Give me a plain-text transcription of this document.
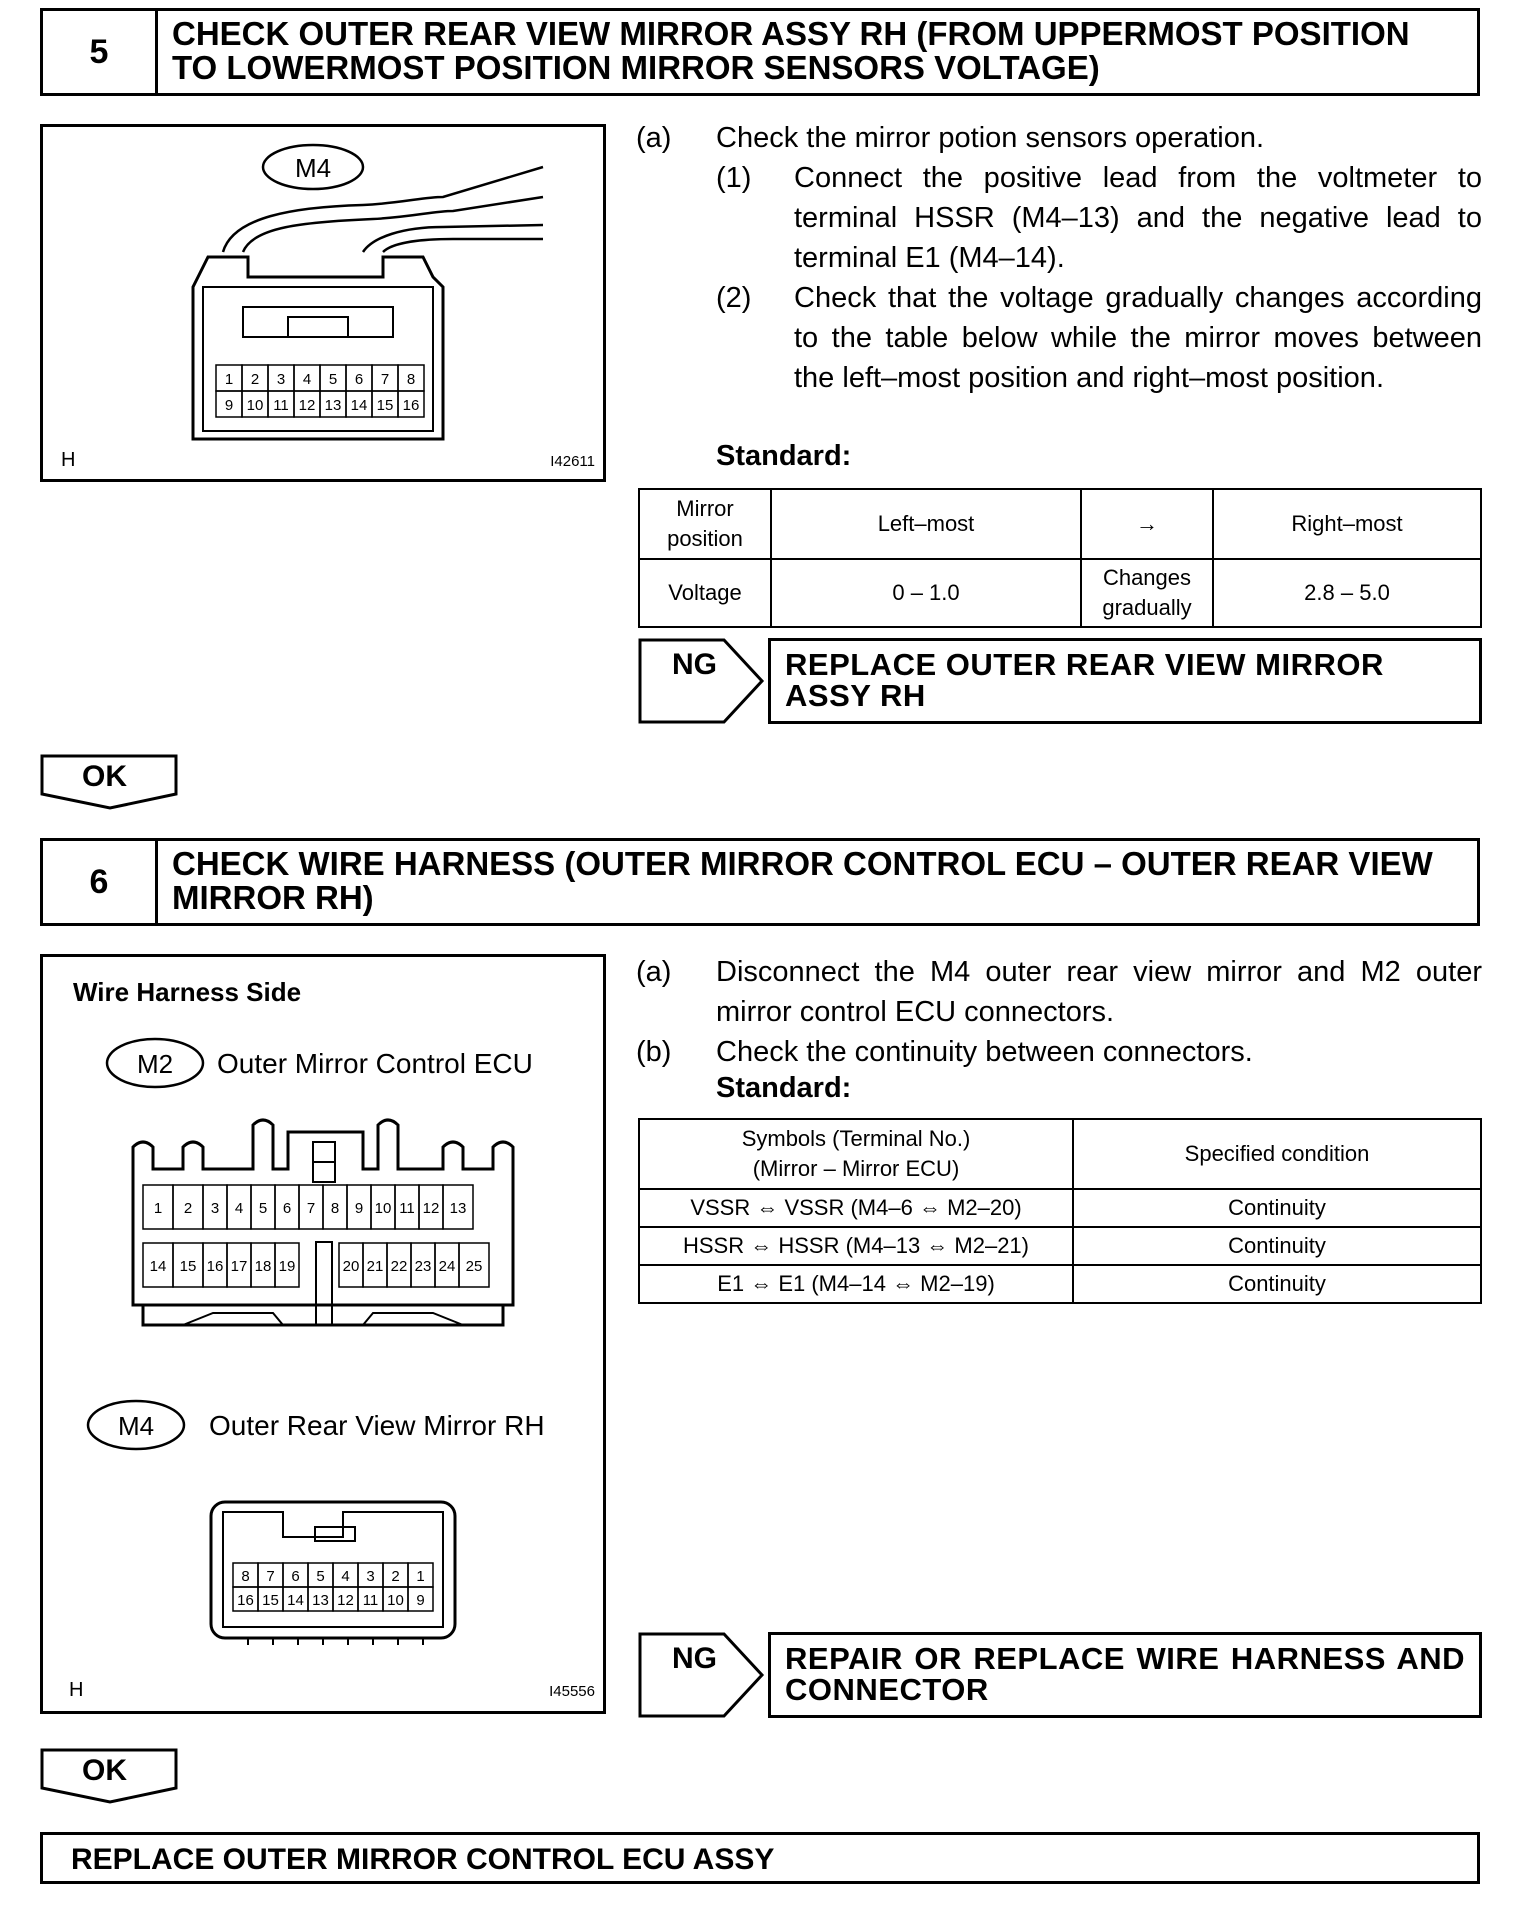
5	CHECK OUTER REAR VIEW MIRROR ASSY RH (FROM UPPERMOST POSITION TO LOWERMOST POSITION MIRROR SENSORS VOLTAGE)
M4
1 2 3 4 5 6 7 8
9 10 11 12 13 14 15 16
H	I42611
(a) Check the mirror potion sensors operation.
(1) Connect the positive lead from the voltmeter to terminal HSSR (M4–13) and the negative lead to terminal E1 (M4–14).
(2) Check that the voltage gradually changes according to the table below while the mirror moves between the left–most position and right–most position.
Standard:
Mirror position	Left–most	→	Right–most
Voltage	0 – 1.0	Changes gradually	2.8 – 5.0
NG	REPLACE OUTER REAR VIEW MIRROR ASSY RH
OK
6	CHECK WIRE HARNESS (OUTER MIRROR CONTROL ECU – OUTER REAR VIEW MIRROR RH)
Wire Harness Side
M2 Outer Mirror Control ECU
1 2 3 4 5 6 7 8 9 10 11 12 13
14 15 16 17 18 19	20 21 22 23 24 25
M4 Outer Rear View Mirror RH
8 7 6 5 4 3 2 1
16 15 14 13 12 11 10 9
H	I45556
(a) Disconnect the M4 outer rear view mirror and M2 outer mirror control ECU connectors.
(b) Check the continuity between connectors.
Standard:
Symbols (Terminal No.)
(Mirror – Mirror ECU)	Specified condition
VSSR ⇔ VSSR (M4–6 ⇔ M2–20)	Continuity
HSSR ⇔ HSSR (M4–13 ⇔ M2–21)	Continuity
E1 ⇔ E1 (M4–14 ⇔ M2–19)	Continuity
NG	REPAIR OR REPLACE WIRE HARNESS AND CONNECTOR
OK
REPLACE OUTER MIRROR CONTROL ECU ASSY
